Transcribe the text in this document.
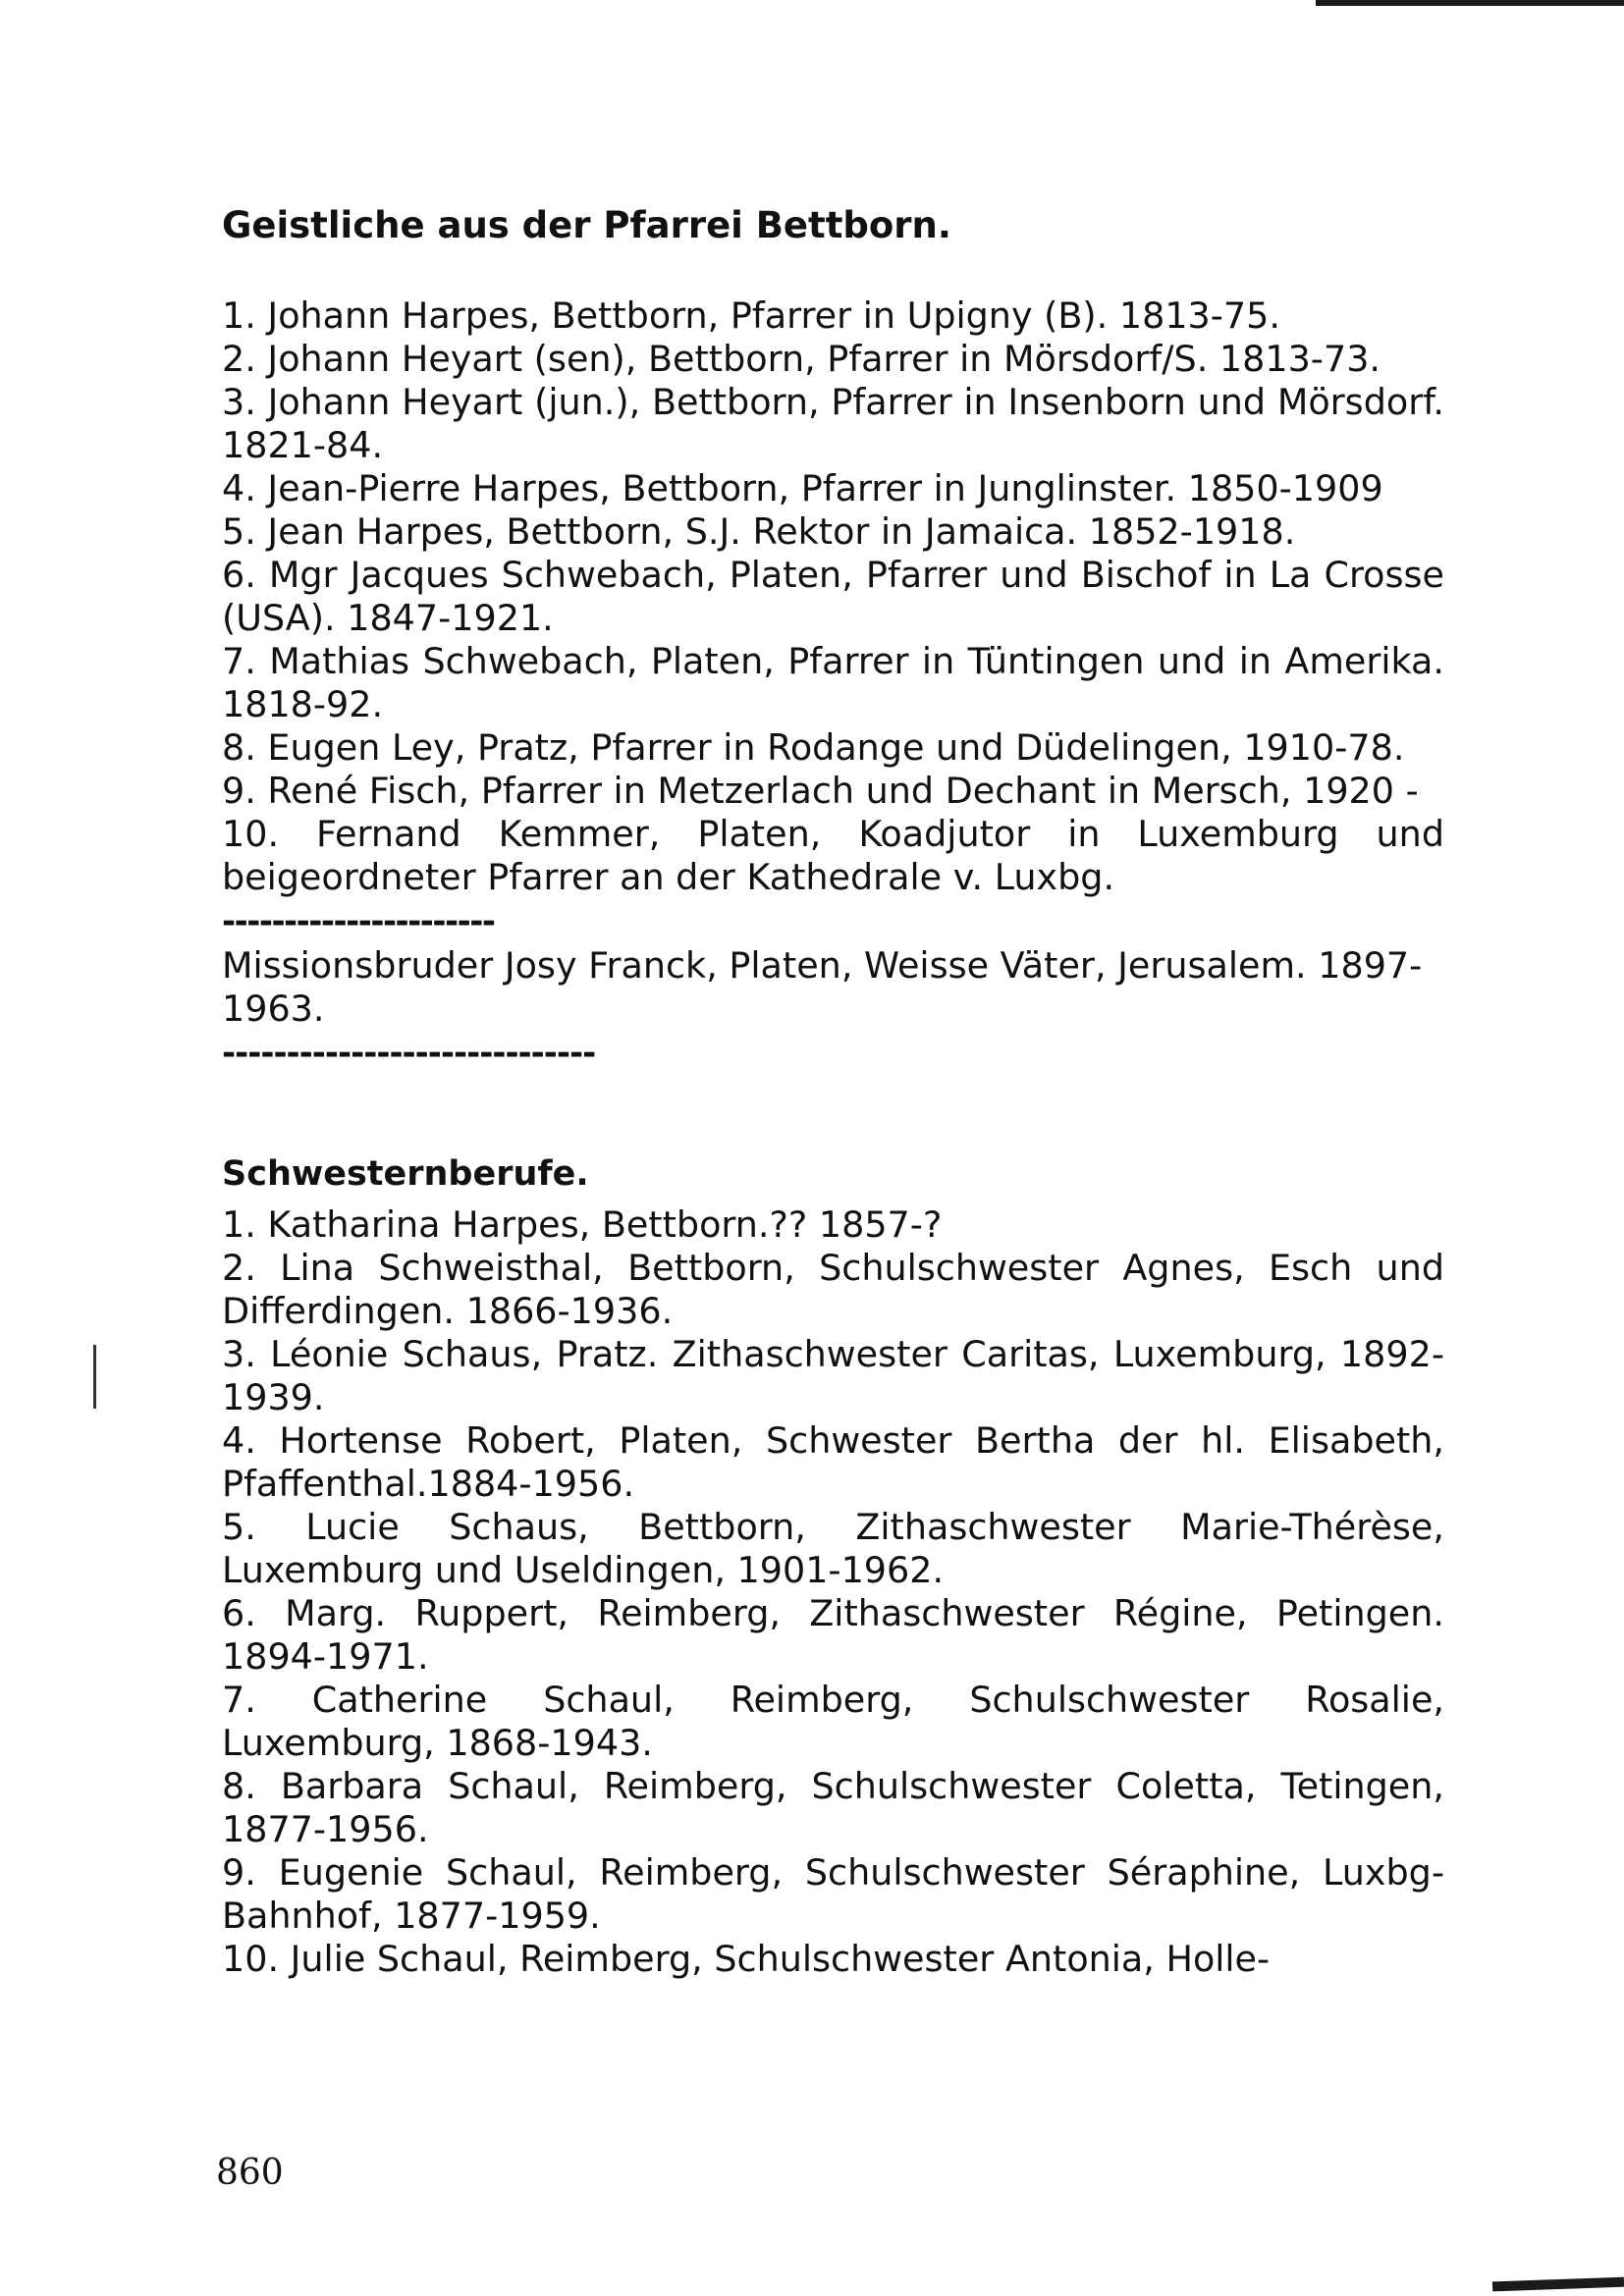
Geistliche aus der Pfarrei Bettborn.
1. Johann Harpes, Bettborn, Pfarrer in Upigny (B). 1813-75.
2. Johann Heyart (sen), Bettborn, Pfarrer in Mörsdorf/S. 1813-73.
3. Johann Heyart (jun.), Bettborn, Pfarrer in Insenborn und Mörsdorf. 1821-84.
4. Jean-Pierre Harpes, Bettborn, Pfarrer in Junglinster. 1850-1909
5. Jean Harpes, Bettborn, S.J. Rektor in Jamaica. 1852-1918.
6. Mgr Jacques Schwebach, Platen, Pfarrer und Bischof in La Crosse (USA). 1847-1921.
7. Mathias Schwebach, Platen, Pfarrer in Tüntingen und in Amerika. 1818-92.
8. Eugen Ley, Pratz, Pfarrer in Rodange und Düdelingen, 1910-78.
9. René Fisch, Pfarrer in Metzerlach und Dechant in Mersch, 1920 -
10. Fernand Kemmer, Platen, Koadjutor in Luxemburg und beigeordneter Pfarrer an der Kathedrale v. Luxbg.

----------------------

Missionsbruder Josy Franck, Platen, Weisse Väter, Jerusalem. 1897-1963.

-----------------------------

Schwesternberufe.
1. Katharina Harpes, Bettborn.?? 1857-?
2. Lina Schweisthal, Bettborn, Schulschwester Agnes, Esch und Differdingen. 1866-1936.
3. Léonie Schaus, Pratz. Zithaschwester Caritas, Luxemburg, 1892-1939.
4. Hortense Robert, Platen, Schwester Bertha der hl. Elisabeth, Pfaffenthal.1884-1956.
5. Lucie Schaus, Bettborn, Zithaschwester Marie-Thérèse, Luxemburg und Useldingen, 1901-1962.
6. Marg. Ruppert, Reimberg, Zithaschwester Régine, Petingen. 1894-1971.
7. Catherine Schaul, Reimberg, Schulschwester Rosalie, Luxemburg, 1868-1943.
8. Barbara Schaul, Reimberg, Schulschwester Coletta, Tetingen, 1877-1956.
9. Eugenie Schaul, Reimberg, Schulschwester Séraphine, Luxbg-Bahnhof, 1877-1959.
10. Julie Schaul, Reimberg, Schulschwester Antonia, Holle-

860
